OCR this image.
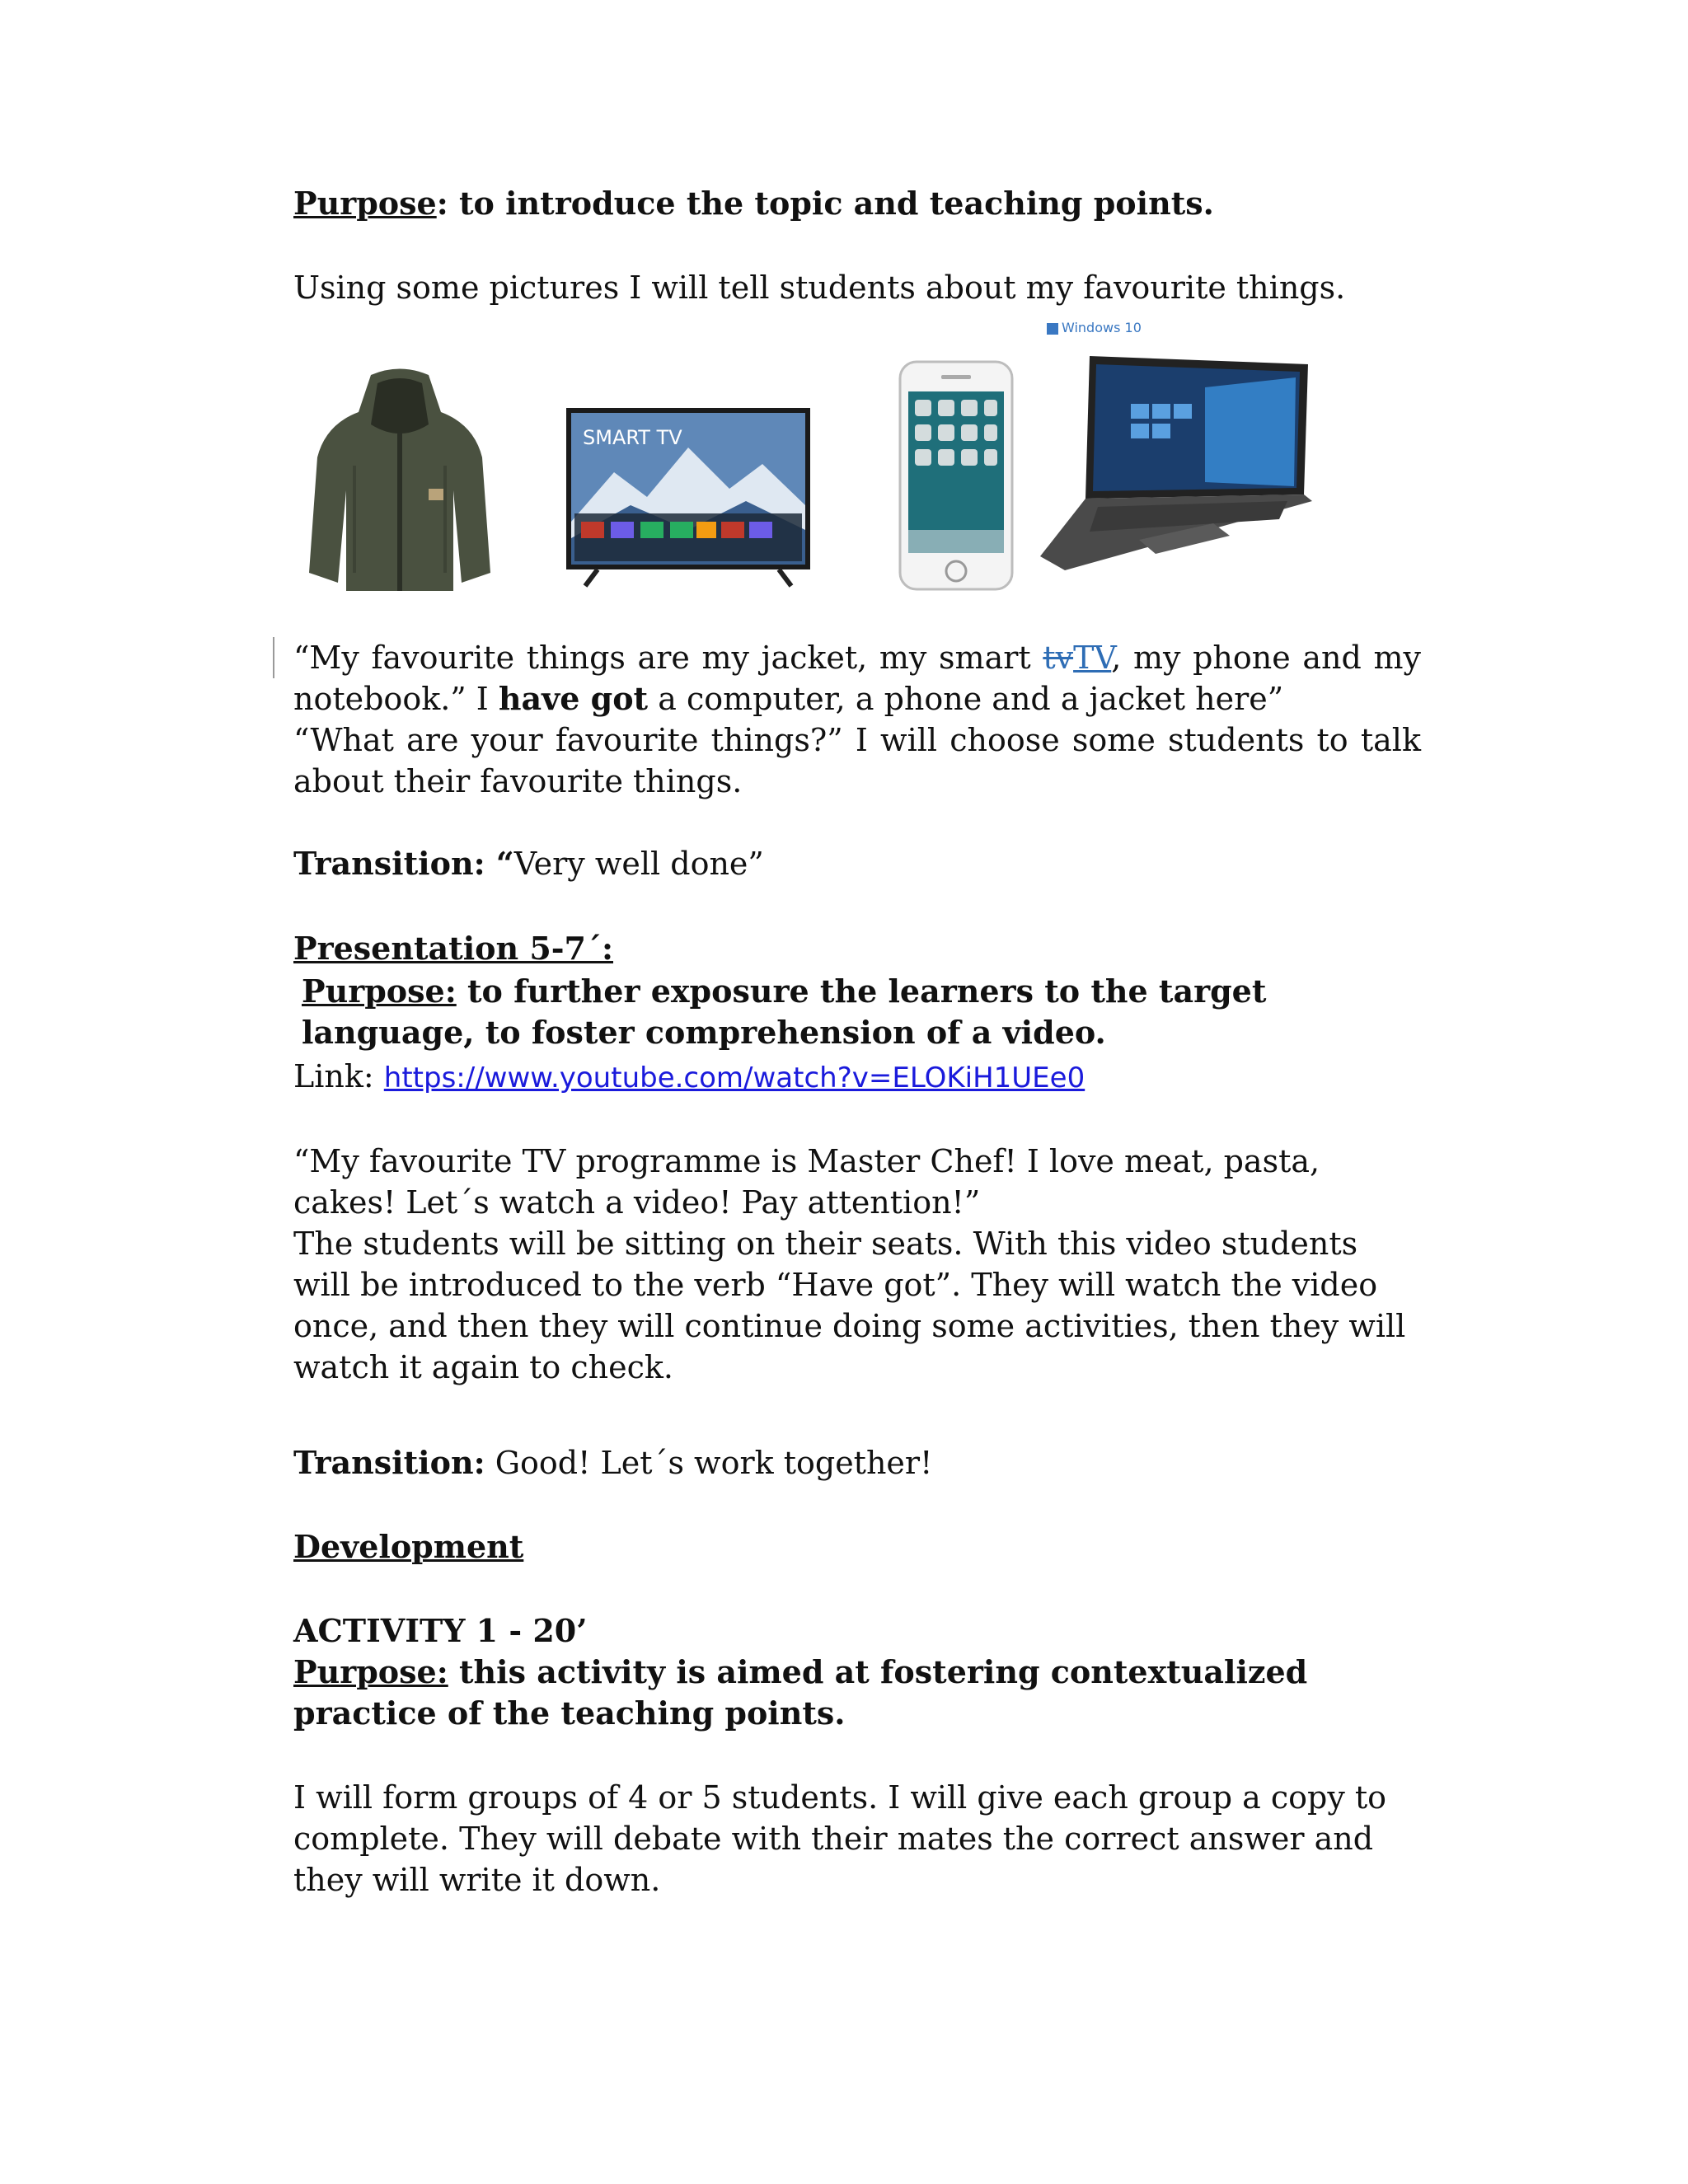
Purpose: to introduce the topic and teaching points.
Using some pictures I will tell students about my favourite things.
SMART TV
Windows 10
“My favourite things are my jacket, my smart tvTV, my phone and my notebook.” I have got a computer, a phone and a jacket here”
“What are your favourite things?” I will choose some students to talk about their favourite things.
Transition: “Very well done”
Presentation 5-7´:
Purpose: to further exposure the learners to the target language, to foster comprehension of a video.
Link: https://www.youtube.com/watch?v=ELOKiH1UEe0
“My favourite TV programme is Master Chef! I love meat, pasta, cakes! Let´s watch a video! Pay attention!”
The students will be sitting on their seats. With this video students will be introduced to the verb “Have got”. They will watch the video once, and then they will continue doing some activities, then they will watch it again to check.
Transition: Good! Let´s work together!
Development
ACTIVITY 1 - 20’
Purpose: this activity is aimed at fostering contextualized practice of the teaching points.
I will form groups of 4 or 5 students. I will give each group a copy to complete. They will debate with their mates the correct answer and they will write it down.
